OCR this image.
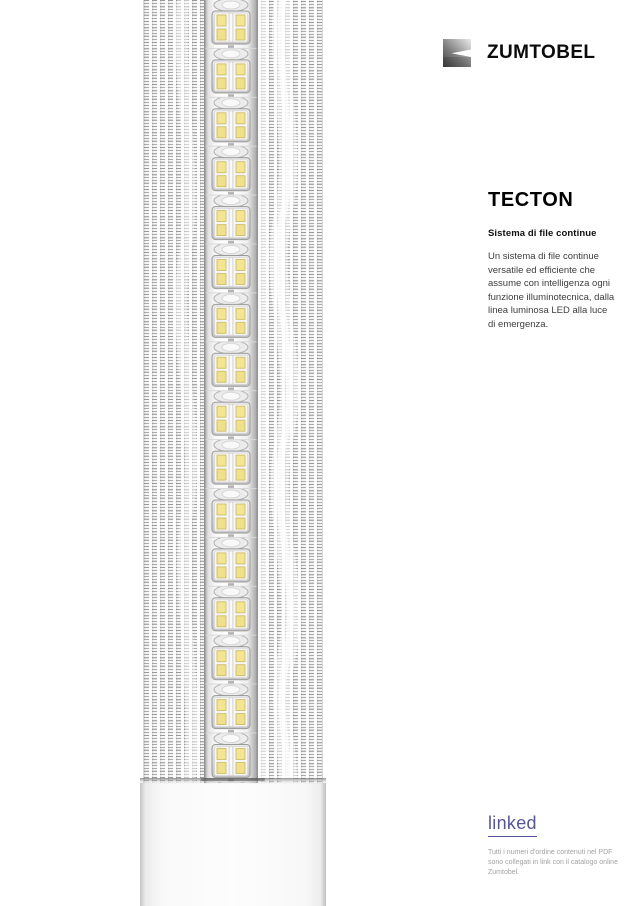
ZUMTOBEL
TECTON
Sistema di file continue

Un sistema di file continue versatile ed efficiente che assume con intelligenza ogni funzione illuminotecnica, dalla linea luminosa LED alla luce di emergenza.

linked

Tutti i numeri d'ordine contenuti nel PDF sono collegati in link con il catalogo online Zumtobel.
